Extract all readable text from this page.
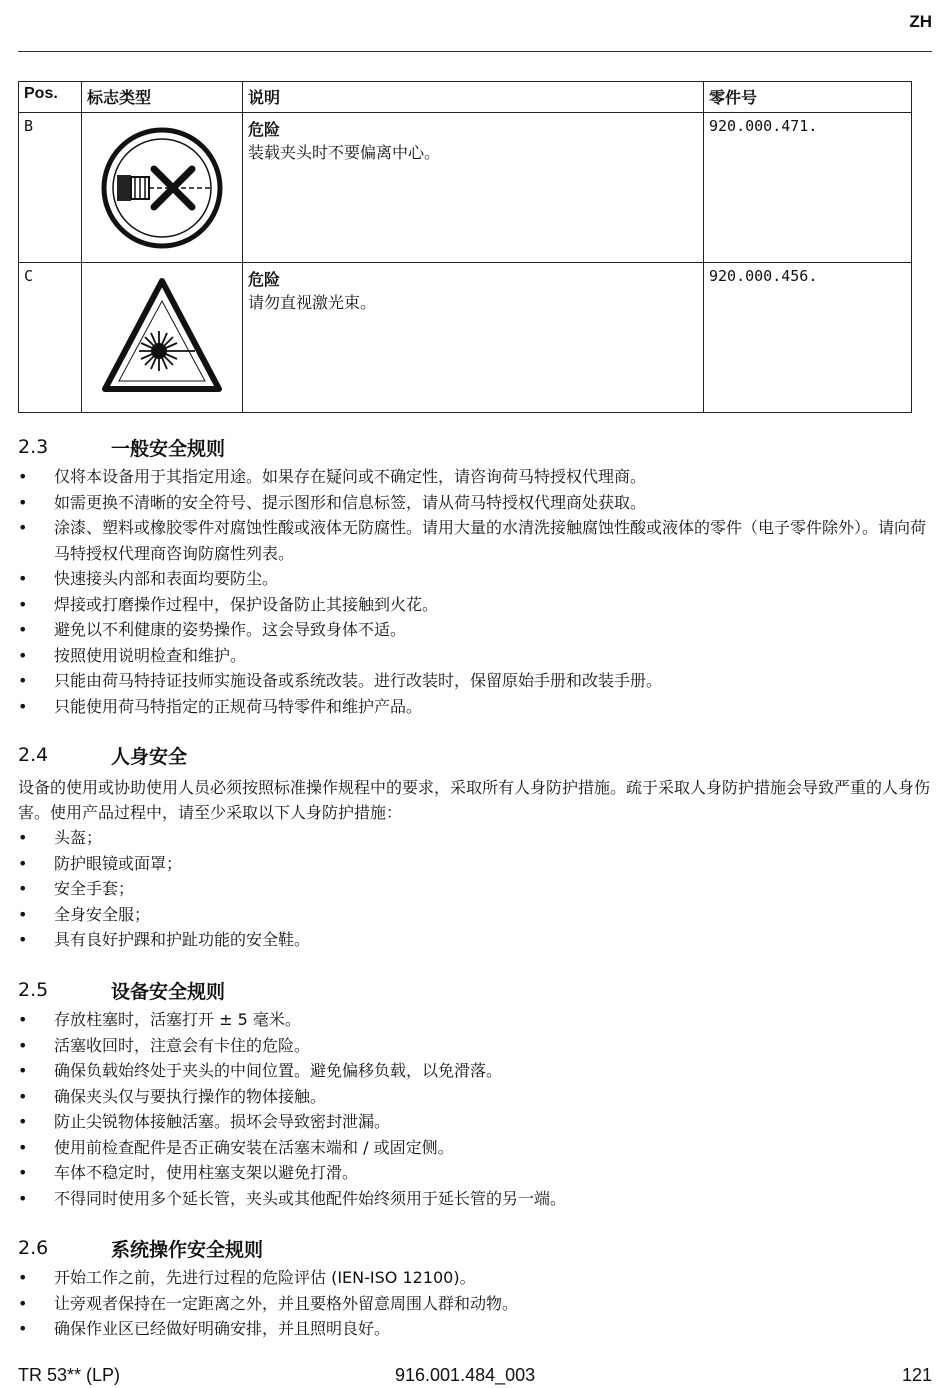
ZH
Pos.	标志类型	说明	零件号
B		危险
装载夹头时不要偏离中心。	920.000.471.
C		危险
请勿直视激光束。	920.000.456.
2.3	一般安全规则
• 仅将本设备用于其指定用途。如果存在疑问或不确定性，请咨询荷马特授权代理商。
• 如需更换不清晰的安全符号、提示图形和信息标签，请从荷马特授权代理商处获取。
• 涂漆、塑料或橡胶零件对腐蚀性酸或液体无防腐性。请用大量的水清洗接触腐蚀性酸或液体的零件（电子零件除外）。请向荷马特授权代理商咨询防腐性列表。
• 快速接头内部和表面均要防尘。
• 焊接或打磨操作过程中，保护设备防止其接触到火花。
• 避免以不利健康的姿势操作。这会导致身体不适。
• 按照使用说明检查和维护。
• 只能由荷马特持证技师实施设备或系统改装。进行改装时，保留原始手册和改装手册。
• 只能使用荷马特指定的正规荷马特零件和维护产品。
2.4	人身安全

设备的使用或协助使用人员必须按照标准操作规程中的要求，采取所有人身防护措施。疏于采取人身防护措施会导致严重的人身伤害。使用产品过程中，请至少采取以下人身防护措施：

• 头盔；
• 防护眼镜或面罩；
• 安全手套；
• 全身安全服；
• 具有良好护踝和护趾功能的安全鞋。
2.5	设备安全规则
• 存放柱塞时，活塞打开 ± 5 毫米。
• 活塞收回时，注意会有卡住的危险。
• 确保负载始终处于夹头的中间位置。避免偏移负载，以免滑落。
• 确保夹头仅与要执行操作的物体接触。
• 防止尖锐物体接触活塞。损坏会导致密封泄漏。
• 使用前检查配件是否正确安装在活塞末端和 / 或固定侧。
• 车体不稳定时，使用柱塞支架以避免打滑。
• 不得同时使用多个延长管，夹头或其他配件始终须用于延长管的另一端。
2.6	系统操作安全规则
• 开始工作之前，先进行过程的危险评估 (IEN-ISO 12100)。
• 让旁观者保持在一定距离之外，并且要格外留意周围人群和动物。
• 确保作业区已经做好明确安排，并且照明良好。
TR 53** (LP)	916.001.484_003	121
